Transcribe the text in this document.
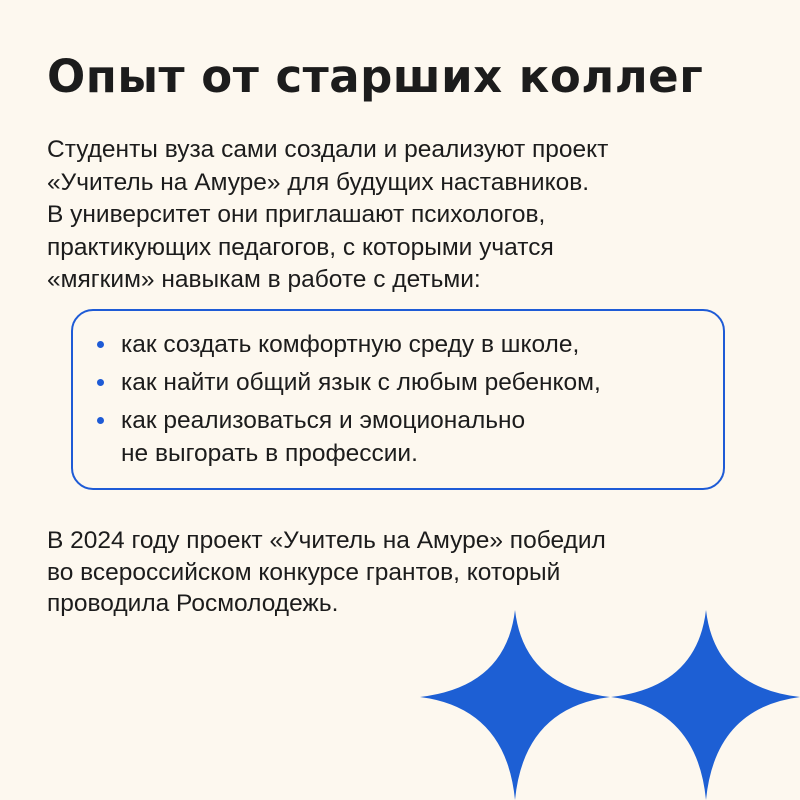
Опыт от старших коллег
Студенты вуза сами создали и реализуют проект
«Учитель на Амуре» для будущих наставников.
В университет они приглашают психологов,
практикующих педагогов, с которыми учатся
«мягким» навыкам в работе с детьми:
как создать комфортную среду в школе,
как найти общий язык с любым ребенком,
как реализоваться и эмоционально
не выгорать в профессии.
В 2024 году проект «Учитель на Амуре» победил
во всероссийском конкурсе грантов, который
проводила Росмолодежь.
